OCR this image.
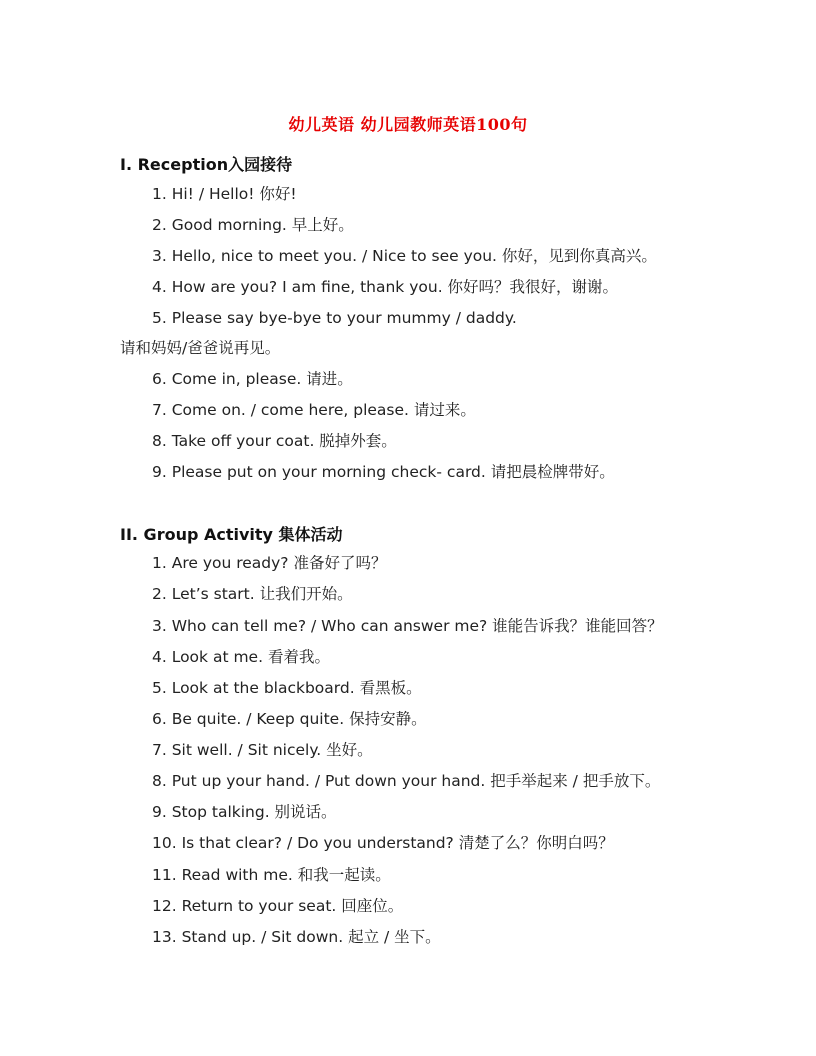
幼儿英语 幼儿园教师英语100句
I. Reception入园接待
1. Hi! / Hello! 你好!
2. Good morning. 早上好。
3. Hello, nice to meet you. / Nice to see you. 你好，见到你真高兴。
4. How are you? I am fine, thank you. 你好吗？我很好，谢谢。
5. Please say bye-bye to your mummy / daddy.
请和妈妈/爸爸说再见。
6. Come in, please. 请进。
7. Come on. / come here, please. 请过来。
8. Take off your coat. 脱掉外套。
9. Please put on your morning check- card. 请把晨检牌带好。
II. Group Activity 集体活动
1. Are you ready? 准备好了吗？
2. Let’s start. 让我们开始。
3. Who can tell me? / Who can answer me? 谁能告诉我？谁能回答？
4. Look at me. 看着我。
5. Look at the blackboard. 看黑板。
6. Be quite. / Keep quite. 保持安静。
7. Sit well. / Sit nicely. 坐好。
8. Put up your hand. / Put down your hand. 把手举起来 / 把手放下。
9. Stop talking. 别说话。
10. Is that clear? / Do you understand? 清楚了么？你明白吗？
11. Read with me. 和我一起读。
12. Return to your seat. 回座位。
13. Stand up. / Sit down. 起立 / 坐下。
